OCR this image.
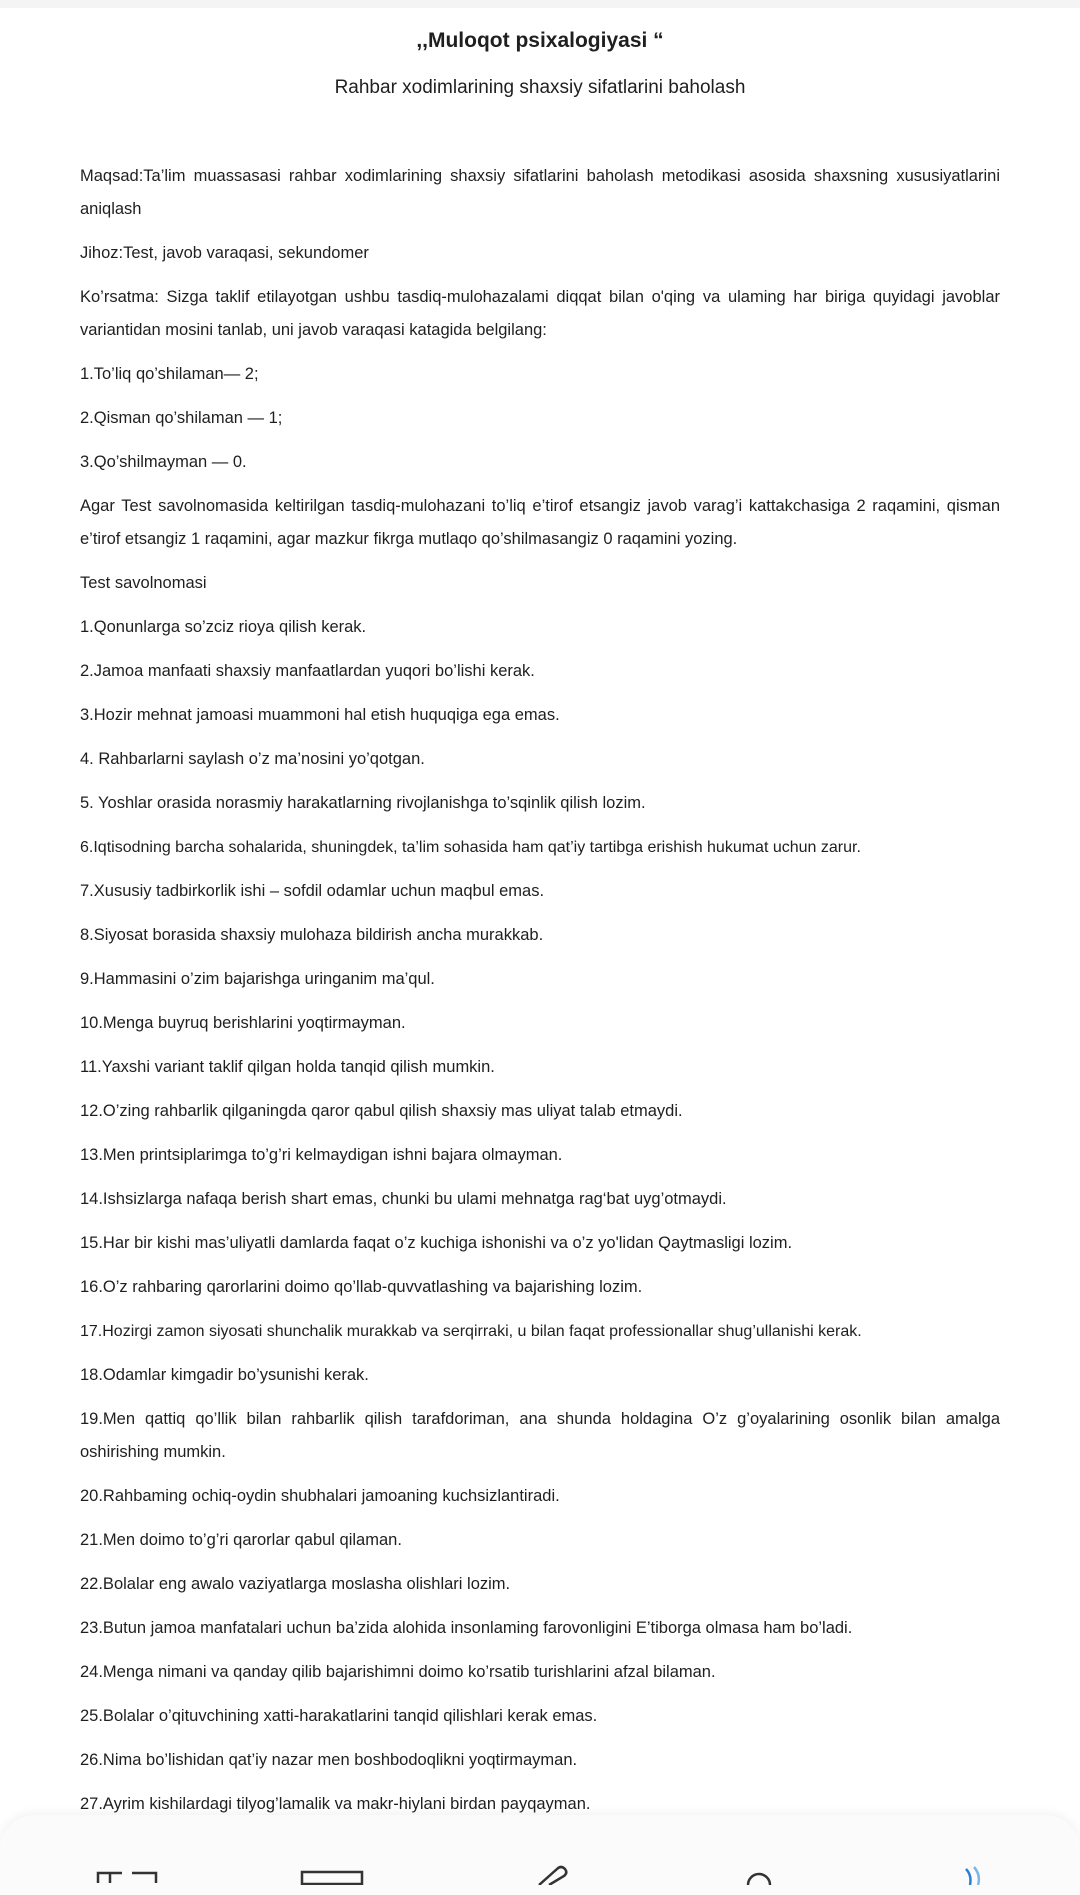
,,Muloqot psixalogiyasi “
Rahbar xodimlarining shaxsiy sifatlarini baholash

Maqsad:Ta’lim muassasasi rahbar xodimlarining shaxsiy sifatlarini baholash metodikasi asosida shaxsning xususiyatlarini aniqlash

Jihoz:Test, javob varaqasi, sekundomer

Ko’rsatma: Sizga taklif etilayotgan ushbu tasdiq-mulohazalami diqqat bilan o'qing va ulaming har biriga quyidagi javoblar variantidan mosini tanlab, uni javob varaqasi katagida belgilang:

1.To’liq qo’shilaman— 2;

2.Qisman qo’shilaman — 1;

3.Qo’shilmayman — 0.

Agar Test savolnomasida keltirilgan tasdiq-mulohazani to’liq e’tirof etsangiz javob varag’i kattakchasiga 2 raqamini, qisman e’tirof etsangiz 1 raqamini, agar mazkur fikrga mutlaqo qo’shilmasangiz 0 raqamini yozing.

Test savolnomasi

1.Qonunlarga so’zciz rioya qilish kerak.
2.Jamoa manfaati shaxsiy manfaatlardan yuqori bo’lishi kerak.
3.Hozir mehnat jamoasi muammoni hal etish huquqiga ega emas.
4. Rahbarlarni saylash o’z ma’nosini yo’qotgan.
5. Yoshlar orasida norasmiy harakatlarning rivojlanishga to’sqinlik qilish lozim.
6.Iqtisodning barcha sohalarida, shuningdek, ta’lim sohasida ham qat’iy tartibga erishish hukumat uchun zarur.
7.Xususiy tadbirkorlik ishi – sofdil odamlar uchun maqbul emas.
8.Siyosat borasida shaxsiy mulohaza bildirish ancha murakkab.
9.Hammasini o’zim bajarishga uringanim ma’qul.
10.Menga buyruq berishlarini yoqtirmayman.
11.Yaxshi variant taklif qilgan holda tanqid qilish mumkin.
12.O’zing rahbarlik qilganingda qaror qabul qilish shaxsiy mas uliyat talab etmaydi.
13.Men printsiplarimga to’g’ri kelmaydigan ishni bajara olmayman.
14.Ishsizlarga nafaqa berish shart emas, chunki bu ulami mehnatga rag‘bat uyg’otmaydi.
15.Har bir kishi mas’uliyatli damlarda faqat o’z kuchiga ishonishi va o’z yo'lidan Qaytmasligi lozim.
16.O’z rahbaring qarorlarini doimo qo’llab-quvvatlashing va bajarishing lozim.
17.Hozirgi zamon siyosati shunchalik murakkab va serqirraki, u bilan faqat professionallar shug’ullanishi kerak.
18.Odamlar kimgadir bo’ysunishi kerak.
19.Men qattiq qo’llik bilan rahbarlik qilish tarafdoriman, ana shunda holdagina O’z g’oyalarining osonlik bilan amalga oshirishing mumkin.
20.Rahbaming ochiq-oydin shubhalari jamoaning kuchsizlantiradi.
21.Men doimo to’g’ri qarorlar qabul qilaman.
22.Bolalar eng awalo vaziyatlarga moslasha olishlari lozim.
23.Butun jamoa manfatalari uchun ba’zida alohida insonlaming farovonligini E’tiborga olmasa ham bo’ladi.
24.Menga nimani va qanday qilib bajarishimni doimo ko’rsatib turishlarini afzal bilaman.
25.Bolalar o’qituvchining xatti-harakatlarini tanqid qilishlari kerak emas.
26.Nima bo’lishidan qat’iy nazar men boshbodoqlikni yoqtirmayman.
27.Ayrim kishilardagi tilyog’lamalik va makr-hiylani birdan payqayman.
